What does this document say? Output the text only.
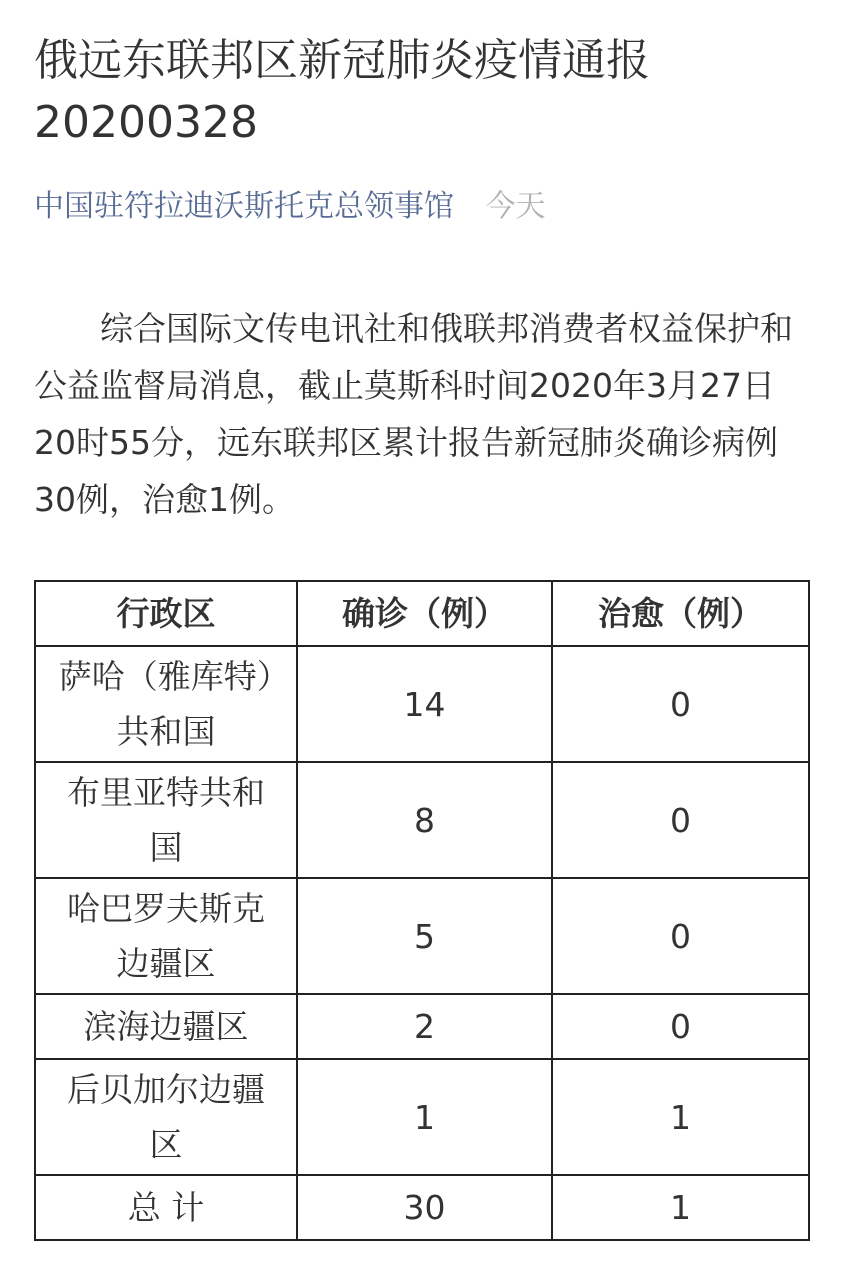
俄远东联邦区新冠肺炎疫情通报20200328
中国驻符拉迪沃斯托克总领事馆 今天

综合国际文传电讯社和俄联邦消费者权益保护和公益监督局消息，截止莫斯科时间2020年3月27日20时55分，远东联邦区累计报告新冠肺炎确诊病例30例，治愈1例。

行政区	确诊（例）	治愈（例）
萨哈（雅库特）共和国	14	0
布里亚特共和国	8	0
哈巴罗夫斯克边疆区	5	0
滨海边疆区	2	0
后贝加尔边疆区	1	1
总 计	30	1
